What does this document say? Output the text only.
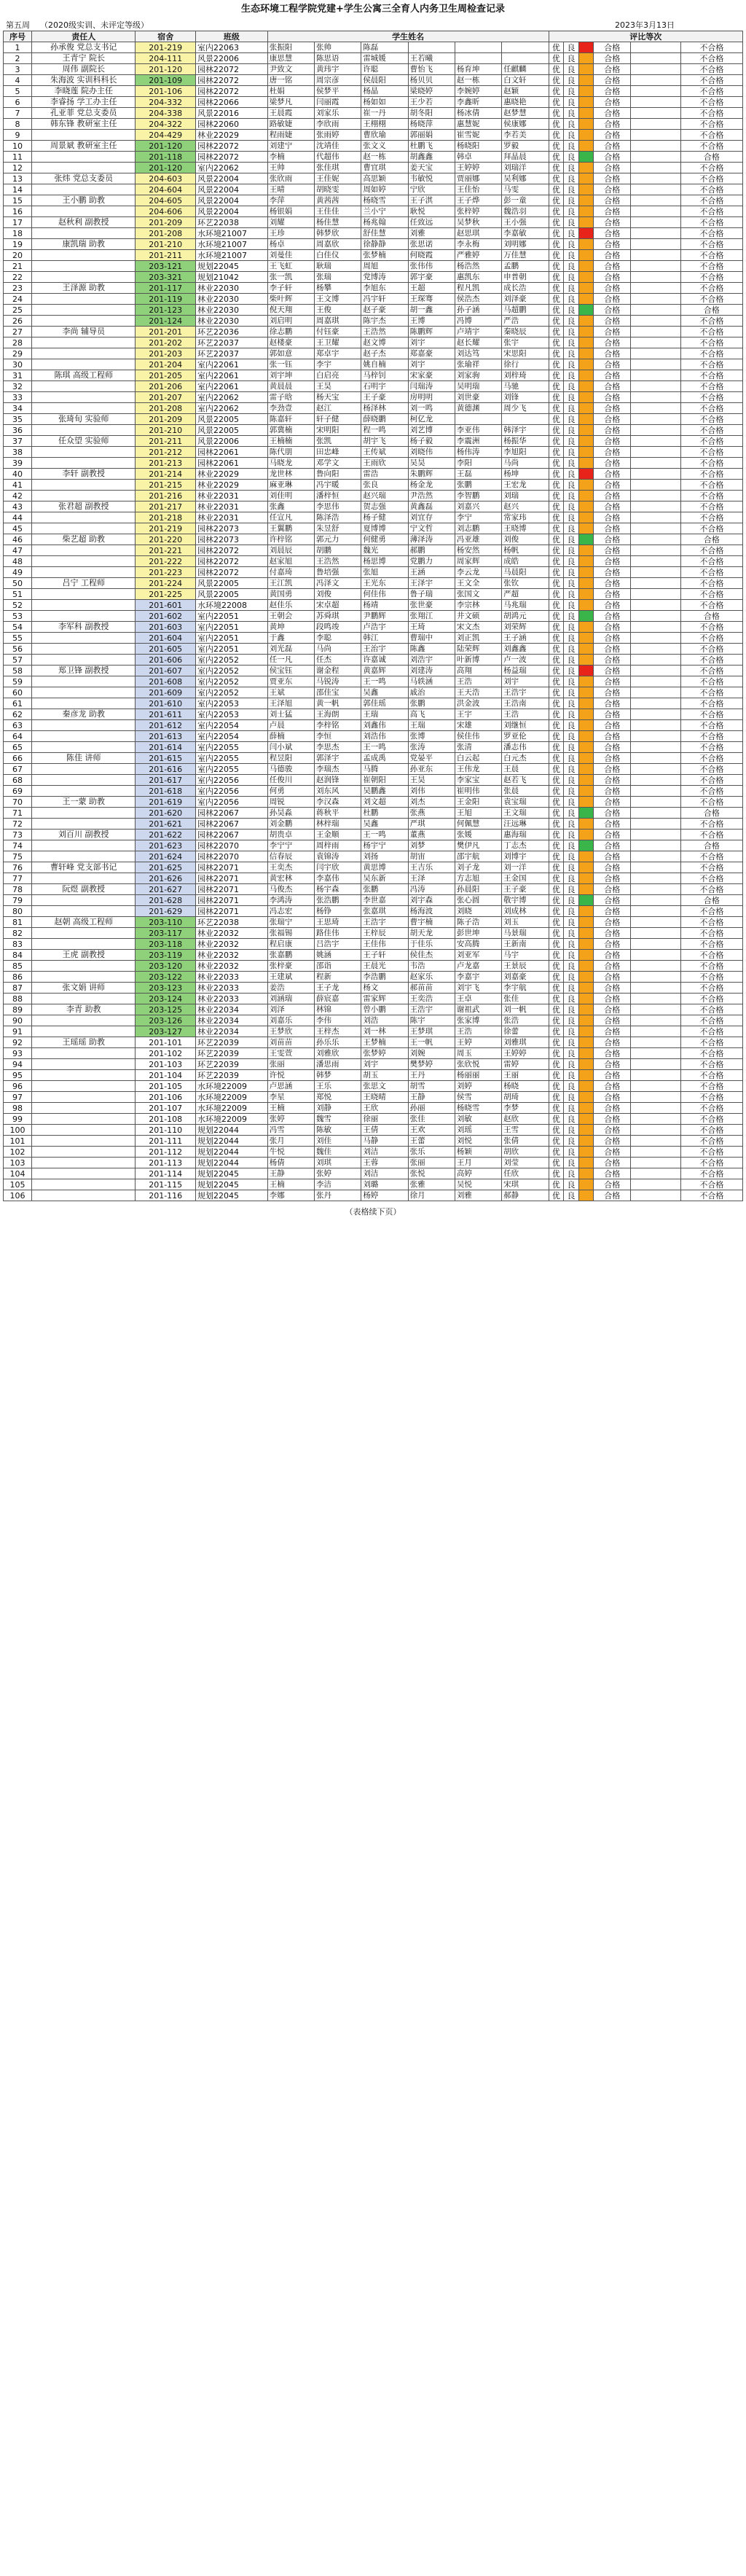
生态环境工程学院党建+学生公寓三全育人内务卫生周检查记录
第五周 （2020级实训、未评定等级）	2023年3月13日
序号	责任人	宿舍	班级	学生姓名						评比等次					
1	孙承俊 党总支书记	201-219	室内22063	张振阳	张帅	陈磊				优	良		合格		不合格
2	王青宁 院长	204-111	风景22006	康思慧	陈思语	雷城媛	王若曦			优	良		合格		不合格
3	周伟 副院长	201-120	园林22072	尹致文	黄玮宇	许聪	曹怡飞	杨育坤	任麒麟	优	良		合格		不合格
4	朱海波 实训科科长	201-109	园林22072	唐一铭	周宗彦	侯晨阳	杨贝贝	赵一栋	白文轩	优	良		合格		不合格
5	李晓莲 院办主任	201-106	园林22072	杜娟	侯梦平	杨晶	梁晓婷	李婉婷	赵颖	优	良		合格		不合格
6	李睿扬 学工办主任	204-332	园林22066	梁梦凡	闫丽霞	杨如如	王少若	李鑫昕	惠晓艳	优	良		合格		不合格
7	孔亚菲 党总支委员	204-338	风景22016	王晨霞	刘家乐	崔一丹	胡冬阳	杨冰倩	赵梦慧	优	良		合格		不合格
8	韩东锋 教研室主任	204-322	园林22060	路敏婕	李欣雨	王栩栩	杨晓萍	惠慧妮	侯康娜	优	良		合格		不合格
9		204-429	林业22029	程雨婕	张雨婷	曹欣瑜	郭丽娟	崔雪妮	李若美	优	良		合格		不合格
10	周景斌 教研室主任	201-120	园林22072	刘建宁	沈靖佳	张文义	杜鹏飞	杨晓阳	罗毅	优	良		合格		不合格
11		201-118	园林22072	李楠	代超伟	赵一栋	胡鑫鑫	韩卓	拜晶晨	优	良		合格		合格
12		201-120	室内22062	王帅	张佳琪	曹宜琪	姜天宝	王婷婷	刘瑞洋	优	良		合格		不合格
13	张炜 党总支委员	204-603	风景22004	张欣雨	王佳妮	高思颖	韦敏悦	贾丽娜	吴利娜	优	良		合格		不合格
14		204-604	风景22004	王晴	胡晓雯	周如婷	宁欣	王佳怡	马雯	优	良		合格		不合格
15	王小鹏 助教	204-605	风景22004	李萍	黄茜茜	杨晓雪	王子淇	王子烨	彭一童	优	良		合格		不合格
16		204-606	风景22004	杨银娟	王佳佳	兰小宁	耿悦	张梓婷	魏浩羽	优	良		合格		不合格
17	赵秋利 副教授	201-209	环艺22038	刘耀	杨佳慧	杨兆翰	任致远	吴梦秋	王小强	优	良		合格		不合格
18		201-208	水环境21007	王珍	韩梦欣	舒佳慧	刘雅	赵思琪	李嘉敏	优	良		合格		不合格
19	康凯瑞 助教	201-210	水环境21007	杨卓	周嘉欣	徐静静	张思诺	李永梅	刘明娜	优	良		合格		不合格
20		201-211	水环境21007	刘曼佳	白佳仪	张梦楠	何晓霞	严雅婷	万佳慧	优	良		合格		不合格
21		203-121	规划22045	王飞虹	耿瑞	周旭	张伟伟	杨浩然	孟鹏	优	良		合格		不合格
22		203-321	规划21042	张一凯	张瑞	党博涛	郭宇豪	惠凯东	申普朝	优	良		合格		不合格
23	王泽源 助教	201-117	林业22030	李子轩	杨攀	李旭东	王超	程凡凯	成长浩	优	良		合格		不合格
24		201-119	林业22030	柴叶辉	王文博	冯宇轩	王琛骞	侯浩杰	刘泽豪	优	良		合格		不合格
25		201-123	林业22030	倪天翔	王俊	赵子豪	胡一鑫	孙子涵	马超鹏	优	良		合格		合格
26		201-124	林业22030	刘启明	周嘉琪	陈宇杰	王博	冯博	严浩	优	良		合格		不合格
27	李尚 辅导员	201-201	环艺22036	徐志鹏	付钰豪	王浩然	陈鹏辉	卢靖宇	秦晓辰	优	良		合格		不合格
28		201-202	环艺22037	赵楼豪	王卫耀	赵文博	刘宇	赵长耀	张宇	优	良		合格		不合格
29		201-203	环艺22037	郭如意	郑卓宇	赵子杰	郑嘉豪	刘达笃	宋思阳	优	良		合格		不合格
30		201-204	室内22061	张一钰	李宇	姚自楠	刘宇	张瑜祥	徐行	优	良		合格		不合格
31	陈琪 高级工程师	201-205	室内22061	刘宇坤	白启亮	马梓钊	宋家豪	刘家驹	刘梓琦	优	良		合格		不合格
32		201-206	室内22061	黄晨晨	王昊	石明宇	闫瑞涛	吴明瑞	马驰	优	良		合格		不合格
33		201-207	室内22062	雷子晗	杨天宝	王子豪	房明明	刘世豪	刘锋	优	良		合格		不合格
34		201-208	室内22062	李劲壹	赵江	杨泽林	刘一鸣	黄德渊	周少飞	优	良		合格		不合格
35	张琦旬 实验师	201-209	风景22005	陈嘉轩	轩子健	薛晓鹏	柯亿龙			优	良		合格		不合格
36		201-210	风景22005	郭冀楠	宋明阳	程一鸣	刘艺博	李亚伟	韩泽宇	优	良		合格		不合格
37	任众望 实验师	201-211	风景22006	王楠楠	张凯	胡宇飞	杨子毅	李震洲	杨振华	优	良		合格		不合格
38		201-212	园林22061	陈代朋	田忠峰	王传斌	刘晓伟	杨伟涛	李旭阳	优	良		合格		不合格
39		201-213	园林22061	马晓龙	邓学文	王雨欣	吴昊	李阳	马尚	优	良		合格		不合格
40	李轩 副教授	201-214	林业22029	龙世林	鲁向阳	雷浩	朱鹏辉	王磊	杨坤	优	良		合格		不合格
41		201-215	林业22029	麻亚琳	冯宇暖	张良	杨金龙	张鹏	王宏龙	优	良		合格		不合格
42		201-216	林业22031	刘佳明	潘梓恒	赵兴瑞	尹浩然	李智鹏	刘瑞	优	良		合格		不合格
43	张君超 副教授	201-217	林业22031	张鑫	李思伟	贺志强	黄鑫磊	刘嘉兴	赵兴	优	良		合格		不合格
44		201-218	林业22031	任宣凡	陈泽浩	杨子健	刘宜存	李宁	常家玮	优	良		合格		不合格
45		201-219	园林22073	王翼鹏	朱昱舒	夏博博	宁文哲	刘志鹏	王晓博	优	良		合格		不合格
46	柴艺超 助教	201-220	园林22073	许梓铭	郭元力	何健勇	薄泽涛	冯亚雄	刘俊	优	良		合格		合格
47		201-221	园林22072	刘晨辰	胡鹏	魏光	郝鹏	杨安然	杨帆	优	良		合格		不合格
48		201-222	园林22072	赵家旭	王浩然	杨思博	党鹏力	周家辉	成皓	优	良		合格		不合格
49		201-223	园林22072	付嘉琦	鲁培强	张旭	王涵	李云龙	马晨阳	优	良		合格		不合格
50	吕宁 工程师	201-224	风景22005	王江凯	冯泽文	王光东	王泽宇	王文全	张钦	优	良		合格		不合格
51		201-225	风景22005	黄国勇	刘俊	何佳伟	鲁子瑞	张国文	严超	优	良		合格		不合格
52		201-601	水环境22008	赵佳乐	宋卓超	杨靖	张世豪	李宗林	马兆瑞	优	良		合格		不合格
53		201-602	室内22051	王朝会	苏舜琪	尹鹏辉	张翔江	井文硕	胡鸿元	优	良		合格		合格
54	李军科 副教授	201-603	室内22051	黄坤	段鸣竣	卢浩宇	王琦	宋文杰	刘荣辉	优	良		合格		不合格
55		201-604	室内22051	于鑫	李聪	韩江	曹瑞中	刘正凯	王子涵	优	良		合格		不合格
56		201-605	室内22051	刘光磊	马尚	王治宇	陈鑫	陆荣辉	刘鑫鑫	优	良		合格		不合格
57		201-606	室内22052	任一凡	任杰	许嘉诚	刘浩宇	叶新博	卢一波	优	良		合格		不合格
58	郑卫锋 副教授	201-607	室内22052	侯宝钰	谢金程	黄嘉辉	刘建涛	高翔	杨益瑞	优	良		合格		不合格
59		201-608	室内22052	贾亚东	马锐涛	王一鸣	马轶涵	王浩	刘宇	优	良		合格		不合格
60		201-609	室内22052	王斌	邵佳宝	吴鑫	戚治	王天浩	王浩宇	优	良		合格		不合格
61		201-610	室内22053	王泽旭	黄一帆	郭佳瑶	张鹏	洪金波	王浩南	优	良		合格		不合格
62	秦彦龙 助教	201-611	室内22053	刘士猛	王海朗	王瑞	高飞	王宇	王浩	优	良		合格		不合格
63		201-612	室内22054	卢晨	李梓铭	刘鑫伟	王瑞	宋雄	刘继恒	优	良		合格		不合格
64		201-613	室内22054	薛楠	李恒	刘浩伟	张博	侯佳伟	罗亚伦	优	良		合格		不合格
65		201-614	室内22055	闫小斌	李思杰	王一鸣	张涛	张清	潘志伟	优	良		合格		不合格
66	陈佳 讲师	201-615	室内22055	程昱阳	郭泽宇	孟成禹	党晏平	白云起	白元杰	优	良		合格		不合格
67		201-616	室内22055	马德骏	李瑞杰	马腾	孙亚东	王伟龙	王晨	优	良		合格		不合格
68		201-617	室内22056	任俊川	赵润锋	崔朝阳	王昊	李家宝	赵若飞	优	良		合格		不合格
69		201-618	室内22056	何勇	刘东风	吴鹏鑫	刘伟	崔明伟	张晨	优	良		合格		不合格
70	王一蒙 助教	201-619	室内22056	周锐	李汉森	刘文超	刘杰	王金阳	袁宝瑞	优	良		合格		不合格
71		201-620	园林22067	孙昊淼	蒋秋平	杜鹏	张燕	王旭	王文瑞	优	良		合格		合格
72		201-621	园林22067	刘金鹏	林梓瑞	吴鑫	严琪	何佩慧	汪远琳	优	良		合格		不合格
73	刘百川 副教授	201-622	园林22067	胡贵卓	王金顺	王一鸣	董燕	张媛	惠海瑞	优	良		合格		不合格
74		201-623	园林22070	李宁宁	周梓雨	杨宇宁	刘梦	樊伊凡	丁志杰	优	良		合格		合格
75		201-624	园林22070	信春辰	袁锦涛	刘扬	胡宙	邵宇航	刘博宇	优	良		合格		不合格
76	曹轩峰 党支部书记	201-625	园林22071	王奕杰	闫宇欣	黄思博	王吉乐	刘子龙	刘一洋	优	良		合格		不合格
77		201-626	园林22071	黄宏林	李嘉伟	吴东新	王泽	方志旭	王金国	优	良		合格		不合格
78	阮煜 副教授	201-627	园林22071	马俊杰	杨宇森	张鹏	冯涛	孙晨阳	王子豪	优	良		合格		不合格
79		201-628	园林22071	李鸿涛	张浩鹏	李世嘉	刘宇森	张心圆	敬宇博	优	良		合格		合格
80		201-629	园林22071	冯志宏	杨铮	张嘉琪	杨海波	刘晓	刘成林	优	良		合格		不合格
81	赵朝 高级工程师	203-110	环艺22038	张瑞宁	王思琦	王浩宇	曹宇楠	陈子浩	刘玉	优	良		合格		不合格
82		203-117	林业22032	张福锡	路佳伟	王梓辰	胡天龙	彭世坤	马景瑞	优	良		合格		不合格
83		203-118	林业22032	程启康	吕浩宇	王佳伟	于佳乐	安高腾	王新南	优	良		合格		不合格
84	王虎 副教授	203-119	林业22032	张嘉鹏	姚涵	王子轩	侯佳杰	刘亚军	马宇	优	良		合格		不合格
85		203-120	林业22032	张梓豪	邵诣	王晨光	韦浩	卢龙嘉	王景辰	优	良		合格		不合格
86		203-122	林业22033	王建斌	程新	李浩鹏	赵家乐	李嘉宇	刘嘉豪	优	良		合格		不合格
87	张文娟 讲师	203-123	林业22033	姜浩	王子龙	杨文	郝苗苗	刘宇飞	李宇航	优	良		合格		不合格
88		203-124	林业22033	刘涵瑞	薛宸嘉	雷家辉	王奕浩	王卓	张佳	优	良		合格		不合格
89	李青 助教	203-125	林业22034	刘泽	林锦	曾小鹏	王浩宇	谢祖武	刘一帆	优	良		合格		不合格
90		203-126	林业22034	刘嘉乐	李伟	刘浩	陈宇	张家博	张浩	优	良		合格		不合格
91		203-127	林业22034	王梦欣	王梓杰	刘一林	王梦琪	王浩	徐蕾	优	良		合格		不合格
92	王瑶瑶 助教	201-101	环艺22039	刘苗苗	孙乐乐	王梦楠	王一帆	王婷	刘雅琪	优	良		合格		不合格
93		201-102	环艺22039	王雯萱	刘雅欣	张梦婷	刘婉	周玉	王婷婷	优	良		合格		不合格
94		201-103	环艺22039	张丽	潘思雨	刘宇	樊梦婷	张欣悦	雷婷	优	良		合格		不合格
95		201-104	环艺22039	许悦	韩梦	胡玉	王丹	杨丽丽	王丽	优	良		合格		不合格
96		201-105	水环境22009	卢思涵	王乐	张思文	胡雪	刘婷	杨晓	优	良		合格		不合格
97		201-106	水环境22009	李星	郑悦	王晓晴	王静	侯雪	胡琦	优	良		合格		不合格
98		201-107	水环境22009	王楠	刘静	王欣	孙丽	杨晓雪	李梦	优	良		合格		不合格
99		201-108	水环境22009	张婷	魏雪	徐丽	张佳	刘敏	赵欣	优	良		合格		不合格
100		201-110	规划22044	冯雪	陈敏	王倩	王欢	刘瑶	王雪	优	良		合格		不合格
101		201-111	规划22044	张月	刘佳	马静	王蕾	刘悦	张倩	优	良		合格		不合格
102		201-112	规划22044	牛悦	魏佳	刘洁	张乐	杨颖	胡欣	优	良		合格		不合格
103		201-113	规划22044	杨倩	刘琪	王蓉	张丽	王月	刘莹	优	良		合格		不合格
104		201-114	规划22045	王静	张婷	刘洁	张悦	高婷	任欣	优	良		合格		不合格
105		201-115	规划22045	王楠	李洁	刘璐	张雅	吴悦	宋琪	优	良		合格		不合格
106		201-116	规划22045	李娜	张丹	杨婷	徐月	刘雅	郝静	优	良		合格		不合格
（表格续下页）
